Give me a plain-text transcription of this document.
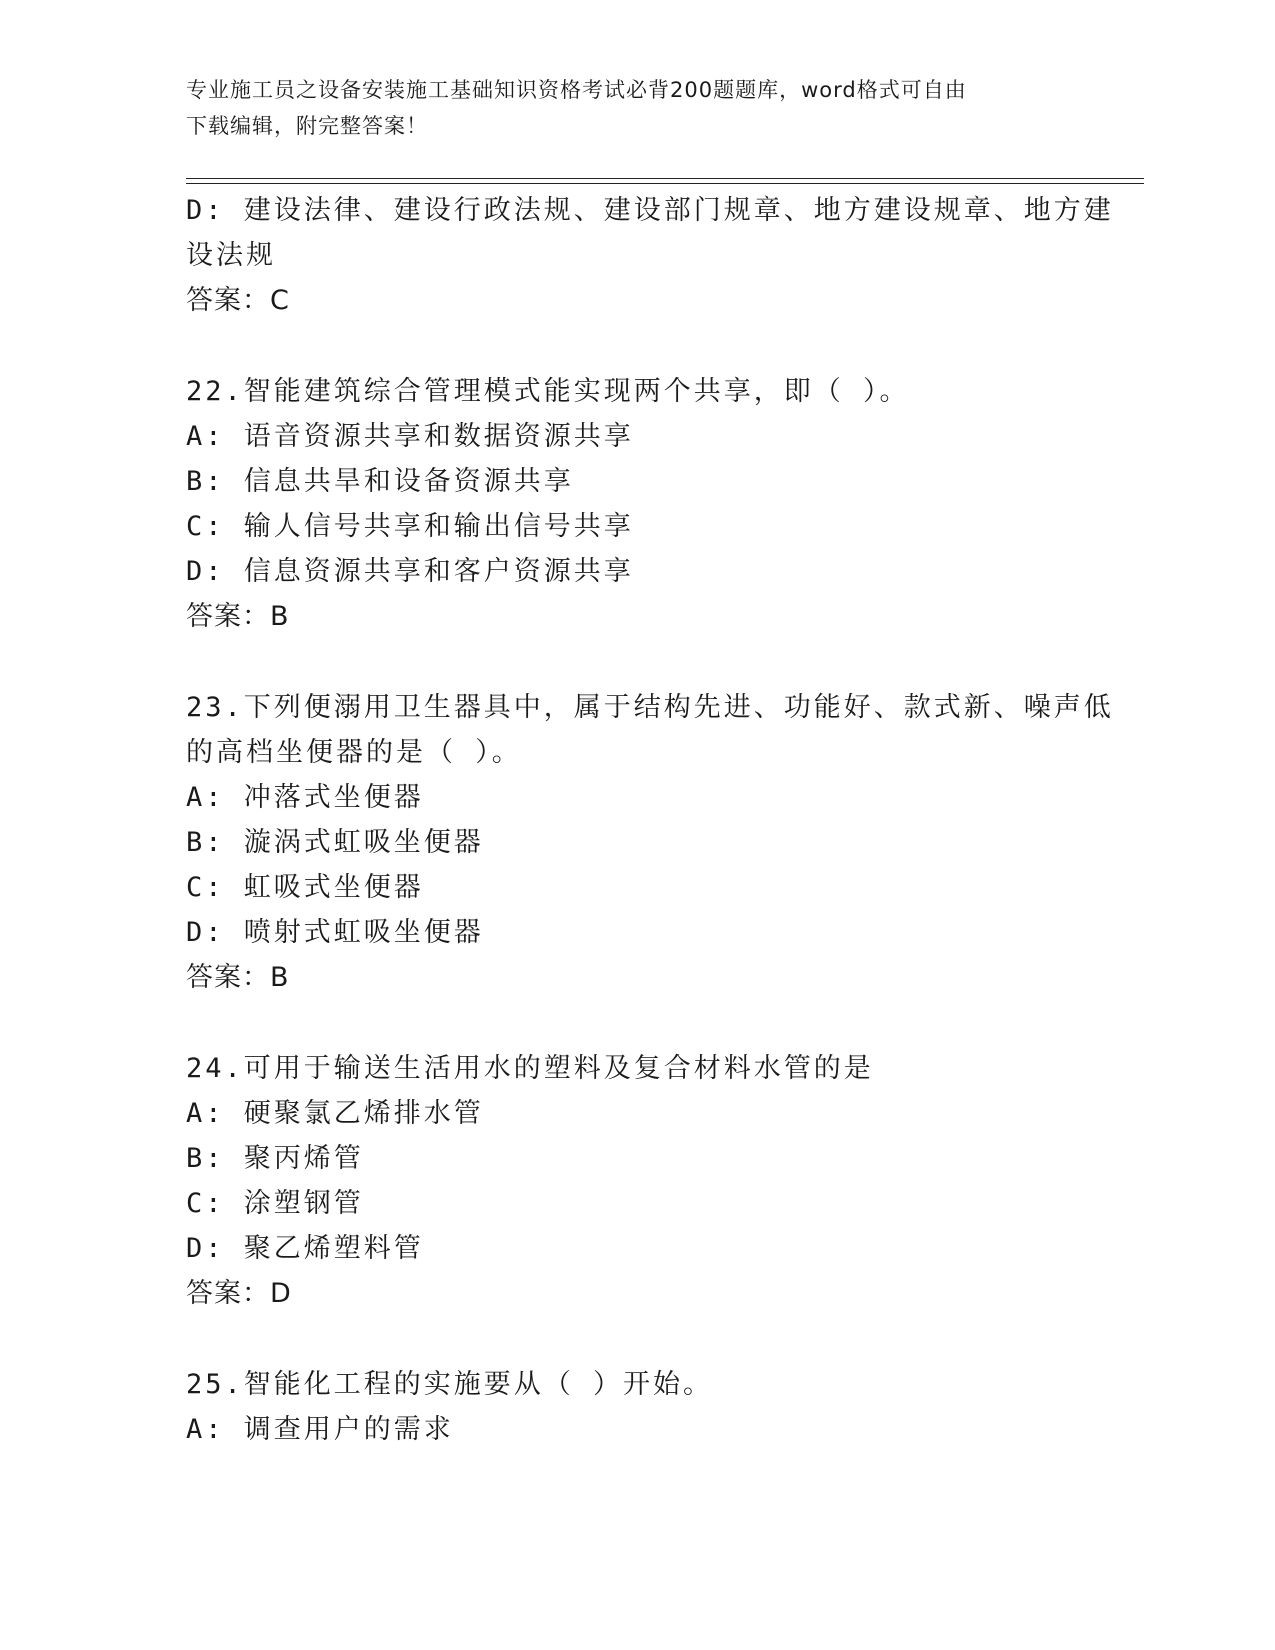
专业施工员之设备安装施工基础知识资格考试必背200题题库，word格式可自由
下载编辑，附完整答案！
D: 建设法律、建设行政法规、建设部门规章、地方建设规章、地方建
设法规
答案：C
22.智能建筑综合管理模式能实现两个共享，即（ ）。
A: 语音资源共享和数据资源共享
B: 信息共旱和设备资源共享
C: 输人信号共享和输出信号共享
D: 信息资源共享和客户资源共享
答案：B
23.下列便溺用卫生器具中，属于结构先进、功能好、款式新、噪声低
的高档坐便器的是（ ）。
A: 冲落式坐便器
B: 漩涡式虹吸坐便器
C: 虹吸式坐便器
D: 喷射式虹吸坐便器
答案：B
24.可用于输送生活用水的塑料及复合材料水管的是
A: 硬聚氯乙烯排水管
B: 聚丙烯管
C: 涂塑钢管
D: 聚乙烯塑料管
答案：D
25.智能化工程的实施要从（ ）开始。
A: 调查用户的需求
